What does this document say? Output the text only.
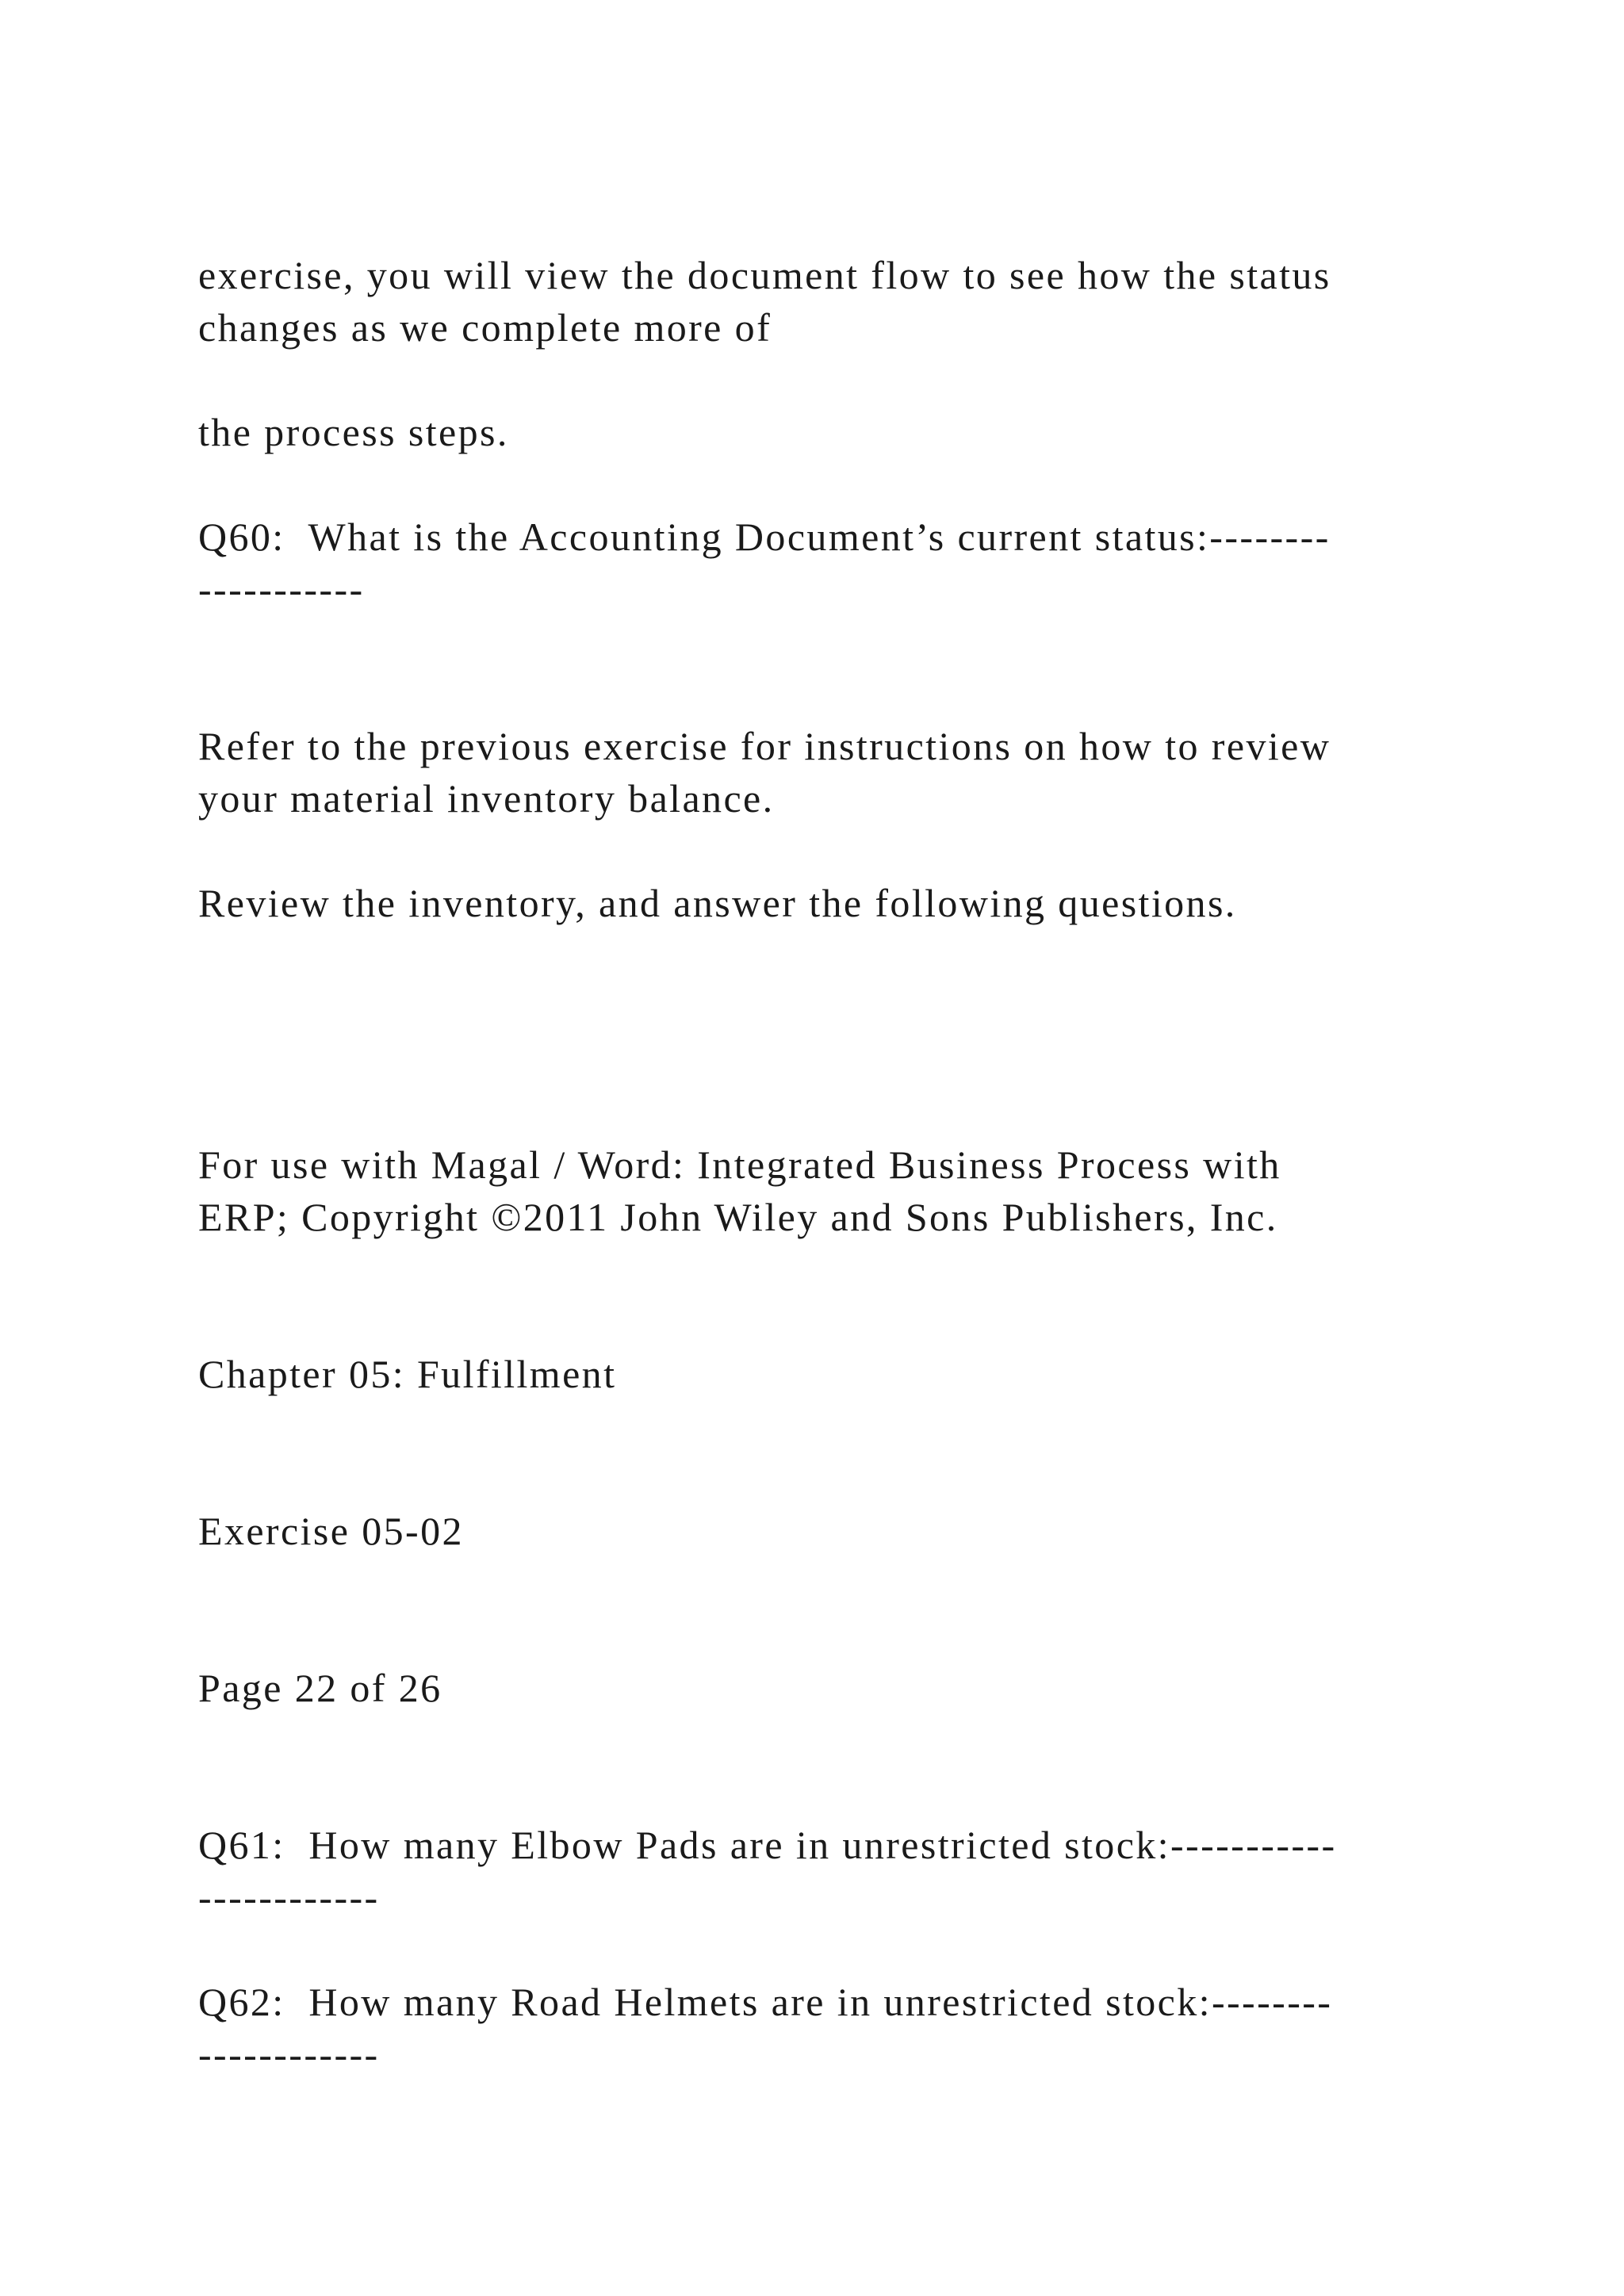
exercise, you will view the document flow to see how the status

changes as we complete more of

the process steps.

Q60:  What is the Accounting Document’s current status:--------

-----------

Refer to the previous exercise for instructions on how to review

your material inventory balance.

Review the inventory, and answer the following questions.

For use with Magal / Word: Integrated Business Process with

ERP; Copyright ©2011 John Wiley and Sons Publishers, Inc.

Chapter 05: Fulfillment

Exercise 05-02

Page 22 of 26

Q61:  How many Elbow Pads are in unrestricted stock:-----------

------------

Q62:  How many Road Helmets are in unrestricted stock:--------

------------
